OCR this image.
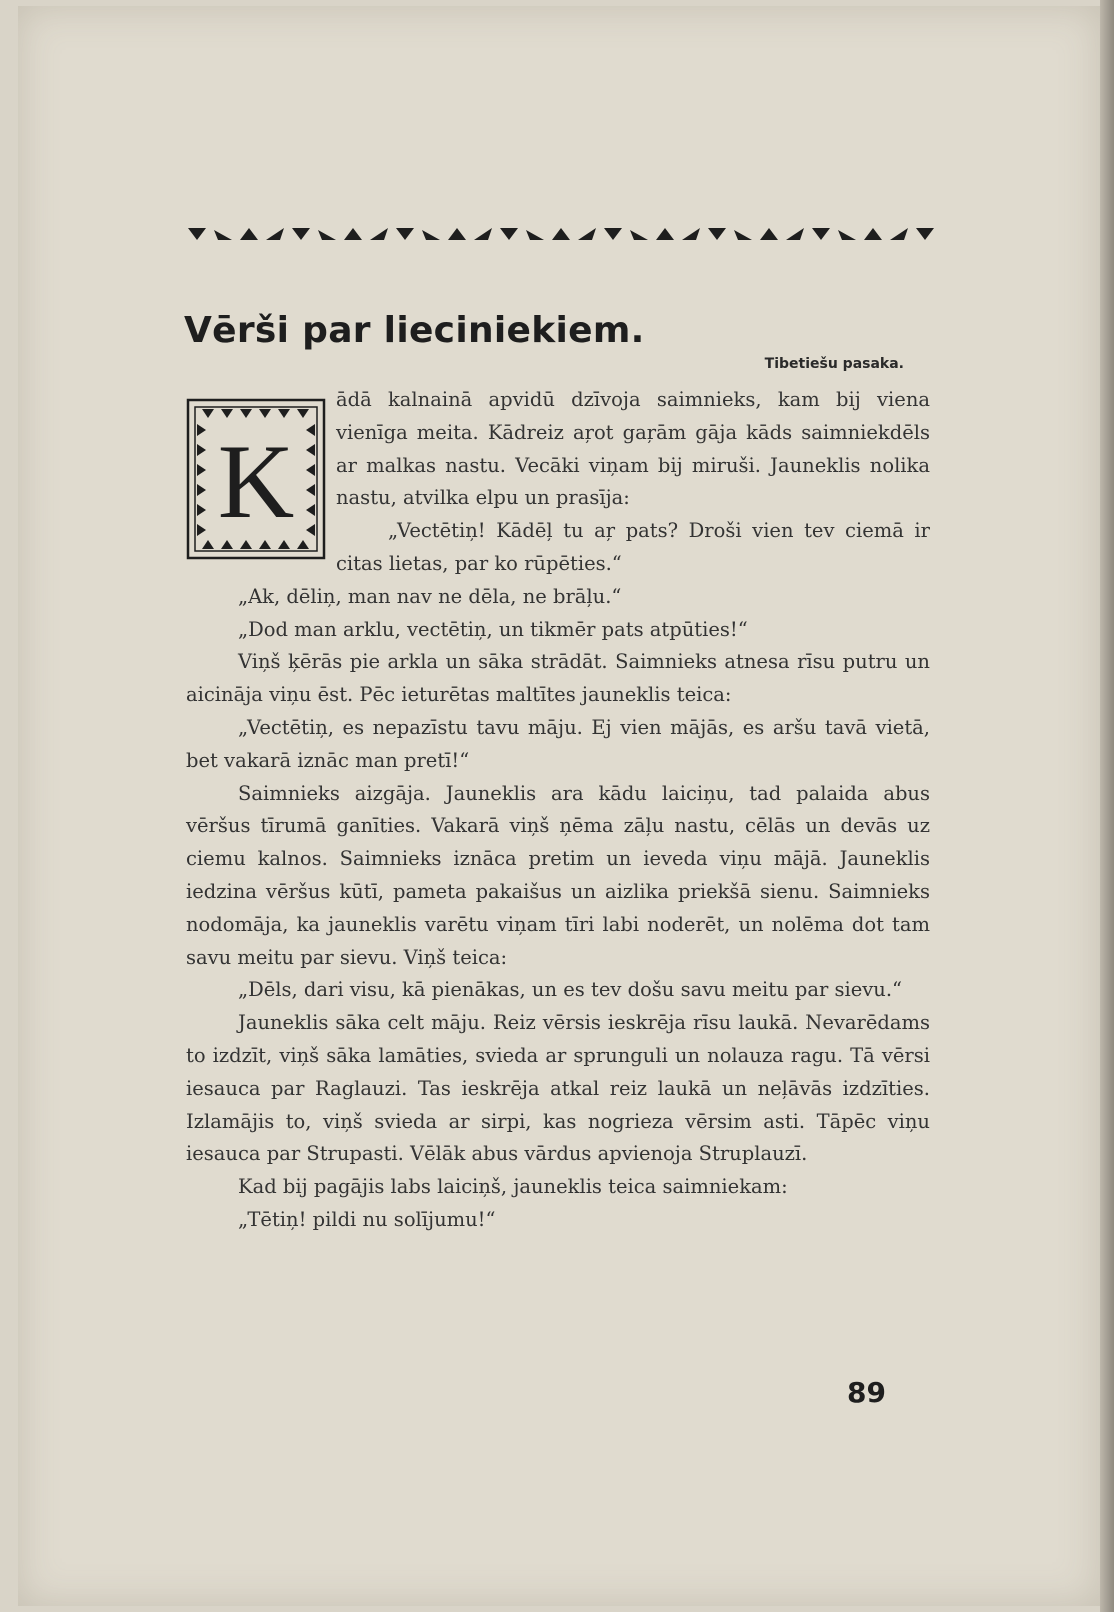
Vērši par lieciniekiem.
Tibetiešu pasaka.
K

ādā kalnainā apvidū dzīvoja saimnieks, kam bij viena vienīga meita. Kādreiz aŗot gaŗām gāja kāds saimniekdēls ar malkas nastu. Vecāki viņam bij miruši. Jauneklis nolika nastu, atvilka elpu un prasīja:

„Vectētiņ! Kādēļ tu aŗ pats? Droši vien tev ciemā ir citas lietas, par ko rūpēties.“

„Ak, dēliņ, man nav ne dēla, ne brāļu.“

„Dod man arklu, vectētiņ, un tikmēr pats atpūties!“

Viņš ķērās pie arkla un sāka strādāt. Saimnieks atnesa rīsu putru un aicināja viņu ēst. Pēc ieturētas maltītes jauneklis teica:

„Vectētiņ, es nepazīstu tavu māju. Ej vien mājās, es aršu tavā vietā, bet vakarā iznāc man pretī!“

Saimnieks aizgāja. Jauneklis ara kādu laiciņu, tad palaida abus vēršus tīrumā ganīties. Vakarā viņš ņēma zāļu nastu, cēlās un devās uz ciemu kalnos. Saimnieks iznāca pretim un ieveda viņu mājā. Jauneklis iedzina vēršus kūtī, pameta pakaišus un aizlika priekšā sienu. Saimnieks nodomāja, ka jauneklis varētu viņam tīri labi noderēt, un nolēma dot tam savu meitu par sievu. Viņš teica:

„Dēls, dari visu, kā pienākas, un es tev došu savu meitu par sievu.“

Jauneklis sāka celt māju. Reiz vērsis ieskrēja rīsu laukā. Nevarēdams to izdzīt, viņš sāka lamāties, svieda ar sprunguli un nolauza ragu. Tā vērsi iesauca par Raglauzi. Tas ieskrēja atkal reiz laukā un neļāvās izdzīties. Izlamājis to, viņš svieda ar sirpi, kas nogrieza vērsim asti. Tāpēc viņu iesauca par Strupasti. Vēlāk abus vārdus apvienoja Struplauzī.

Kad bij pagājis labs laiciņš, jauneklis teica saimniekam:

„Tētiņ! pildi nu solījumu!“

89
